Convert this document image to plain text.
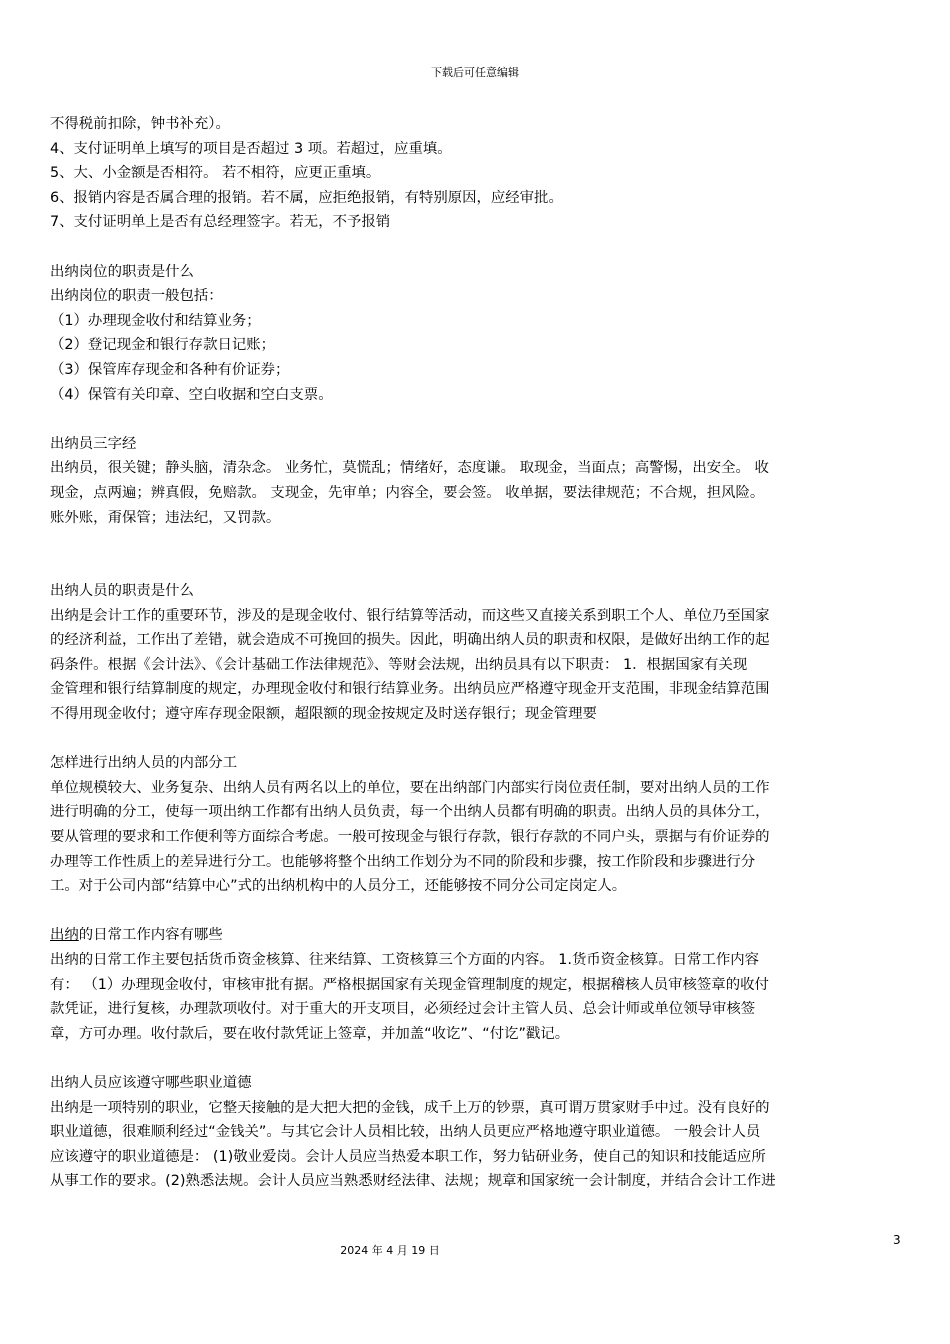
下载后可任意编辑

不得税前扣除，钟书补充）。

4、支付证明单上填写的项目是否超过 3 项。若超过，应重填。

5、大、小金额是否相符。 若不相符，应更正重填。

6、报销内容是否属合理的报销。若不属，应拒绝报销，有特别原因，应经审批。

7、支付证明单上是否有总经理签字。若无，不予报销

出纳岗位的职责是什么

出纳岗位的职责一般包括：

（1）办理现金收付和结算业务；

（2）登记现金和银行存款日记账；

（3）保管库存现金和各种有价证券；

（4）保管有关印章、空白收据和空白支票。

出纳员三字经

出纳员，很关键；静头脑，清杂念。 业务忙，莫慌乱；情绪好，态度谦。 取现金，当面点；高警惕，出安全。 收

现金，点两遍；辨真假，免赔款。 支现金，先审单；内容全，要会签。 收单据，要法律规范；不合规，担风险。

账外账，甭保管；违法纪，又罚款。

出纳人员的职责是什么

出纳是会计工作的重要环节，涉及的是现金收付、银行结算等活动，而这些又直接关系到职工个人、单位乃至国家

的经济利益，工作出了差错，就会造成不可挽回的损失。因此，明确出纳人员的职责和权限，是做好出纳工作的起

码条件。根据《会计法》、《会计基础工作法律规范》、等财会法规，出纳员具有以下职责： 1．根据国家有关现

金管理和银行结算制度的规定，办理现金收付和银行结算业务。出纳员应严格遵守现金开支范围，非现金结算范围

不得用现金收付；遵守库存现金限额，超限额的现金按规定及时送存银行；现金管理要

怎样进行出纳人员的内部分工

单位规模较大、业务复杂、出纳人员有两名以上的单位，要在出纳部门内部实行岗位责任制，要对出纳人员的工作

进行明确的分工，使每一项出纳工作都有出纳人员负责，每一个出纳人员都有明确的职责。出纳人员的具体分工，

要从管理的要求和工作便利等方面综合考虑。一般可按现金与银行存款，银行存款的不同户头，票据与有价证券的

办理等工作性质上的差异进行分工。也能够将整个出纳工作划分为不同的阶段和步骤，按工作阶段和步骤进行分

工。对于公司内部“结算中心”式的出纳机构中的人员分工，还能够按不同分公司定岗定人。

出纳的日常工作内容有哪些

出纳的日常工作主要包括货币资金核算、往来结算、工资核算三个方面的内容。 1.货币资金核算。日常工作内容

有： （1）办理现金收付，审核审批有据。严格根据国家有关现金管理制度的规定，根据稽核人员审核签章的收付

款凭证，进行复核，办理款项收付。对于重大的开支项目，必须经过会计主管人员、总会计师或单位领导审核签

章，方可办理。收付款后，要在收付款凭证上签章，并加盖“收讫”、“付讫”戳记。

出纳人员应该遵守哪些职业道德

出纳是一项特别的职业，它整天接触的是大把大把的金钱，成千上万的钞票，真可谓万贯家财手中过。没有良好的

职业道德，很难顺利经过“金钱关”。与其它会计人员相比较，出纳人员更应严格地遵守职业道德。 一般会计人员

应该遵守的职业道德是： (1)敬业爱岗。会计人员应当热爱本职工作，努力钻研业务，使自己的知识和技能适应所

从事工作的要求。(2)熟悉法规。会计人员应当熟悉财经法律、法规；规章和国家统一会计制度，并结合会计工作进

3
2024 年 4 月 19 日
